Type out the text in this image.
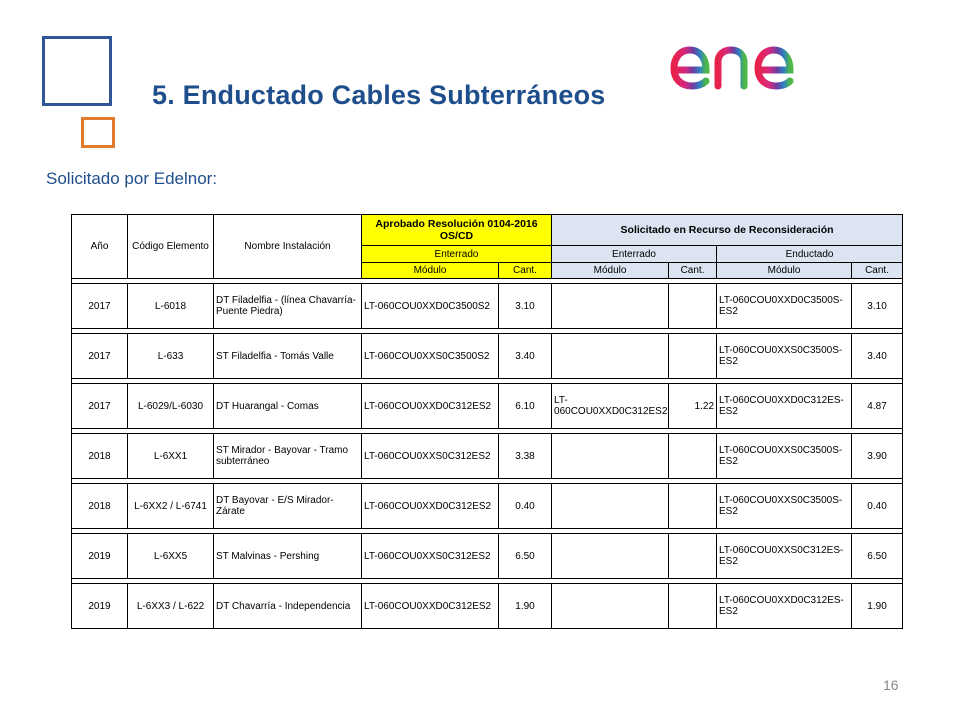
5. Enductado Cables Subterráneos
Solicitado por Edelnor:
Año	Código Elemento	Nombre Instalación	Aprobado Resolución 0104-2016 OS/CD		Solicitado en Recurso de Reconsideración			
			Enterrado		Enterrado		Enductado	
			Módulo	Cant.	Módulo	Cant.	Módulo	Cant.

2017	L-6018	DT Filadelfia - (línea Chavarría-Puente Piedra)	LT-060COU0XXD0C3500S2	3.10			LT-060COU0XXD0C3500S-ES2	3.10

2017	L-633	ST Filadelfia - Tomás Valle	LT-060COU0XXS0C3500S2	3.40			LT-060COU0XXS0C3500S-ES2	3.40

2017	L-6029/L-6030	DT Huarangal - Comas	LT-060COU0XXD0C312ES2	6.10	LT-060COU0XXD0C312ES2	1.22	LT-060COU0XXD0C312ES-ES2	4.87

2018	L-6XX1	ST Mirador - Bayovar - Tramo subterráneo	LT-060COU0XXS0C312ES2	3.38			LT-060COU0XXS0C3500S-ES2	3.90

2018	L-6XX2 / L-6741	DT Bayovar - E/S Mirador-Zárate	LT-060COU0XXD0C312ES2	0.40			LT-060COU0XXS0C3500S-ES2	0.40

2019	L-6XX5	ST Malvinas - Pershing	LT-060COU0XXS0C312ES2	6.50			LT-060COU0XXS0C312ES-ES2	6.50

2019	L-6XX3 / L-622	DT Chavarría - Independencia	LT-060COU0XXD0C312ES2	1.90			LT-060COU0XXD0C312ES-ES2	1.90
16
